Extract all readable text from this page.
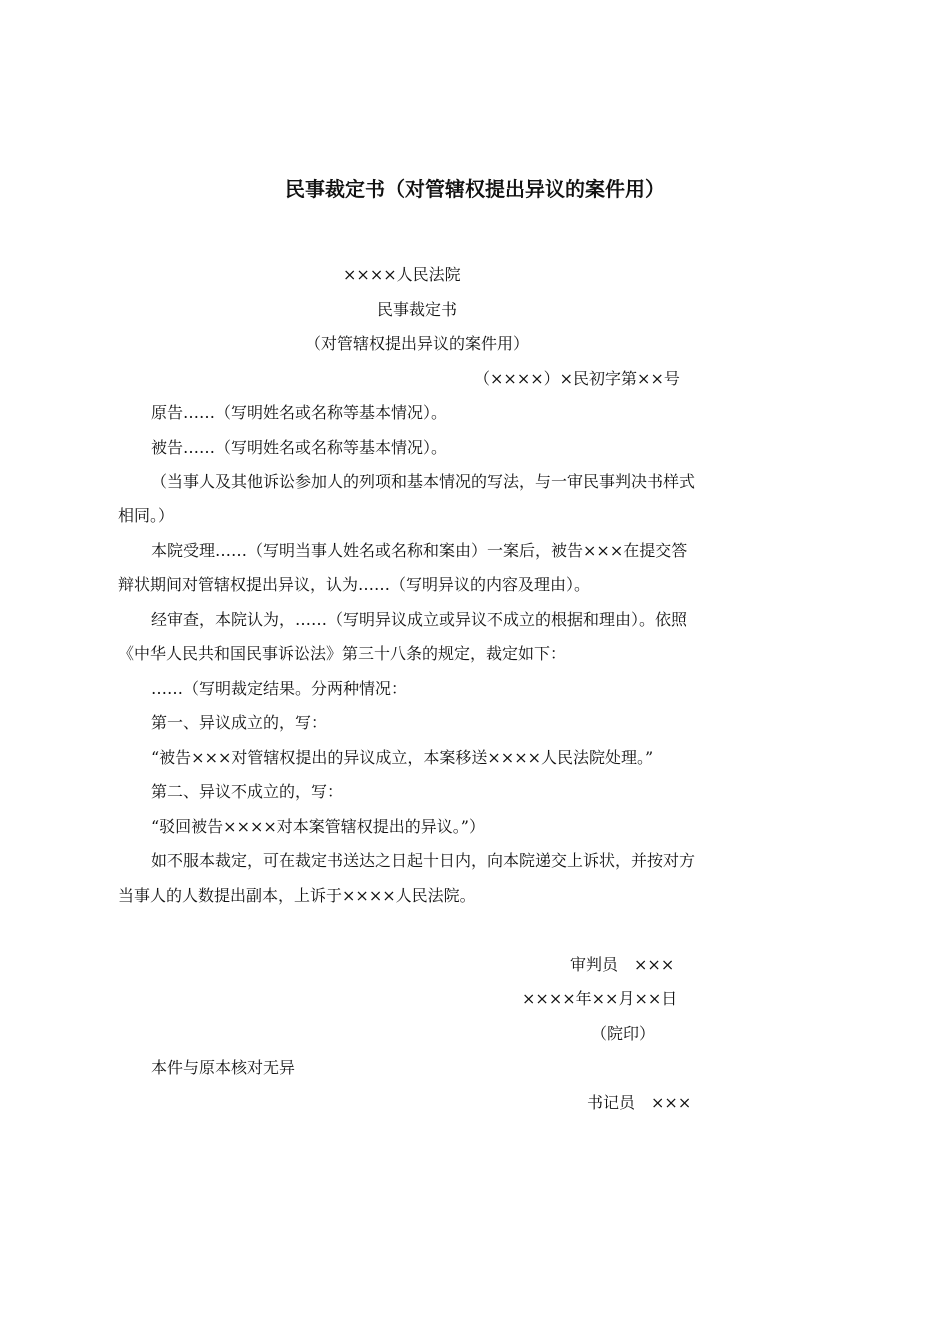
民事裁定书（对管辖权提出异议的案件用）
××××人民法院
民事裁定书
（对管辖权提出异议的案件用）
（××××）×民初字第××号
原告……（写明姓名或名称等基本情况）。
被告……（写明姓名或名称等基本情况）。
（当事人及其他诉讼参加人的列项和基本情况的写法，与一审民事判决书样式
相同。）
本院受理……（写明当事人姓名或名称和案由）一案后，被告×××在提交答
辩状期间对管辖权提出异议，认为……（写明异议的内容及理由）。
经审查，本院认为，……（写明异议成立或异议不成立的根据和理由）。依照
《中华人民共和国民事诉讼法》第三十八条的规定，裁定如下：
……（写明裁定结果。分两种情况：
第一、异议成立的，写：
“被告×××对管辖权提出的异议成立，本案移送××××人民法院处理。”
第二、异议不成立的，写：
“驳回被告××××对本案管辖权提出的异议。”）
如不服本裁定，可在裁定书送达之日起十日内，向本院递交上诉状，并按对方
当事人的人数提出副本，上诉于××××人民法院。
审判员　×××
××××年××月××日
（院印）
本件与原本核对无异
书记员　×××
